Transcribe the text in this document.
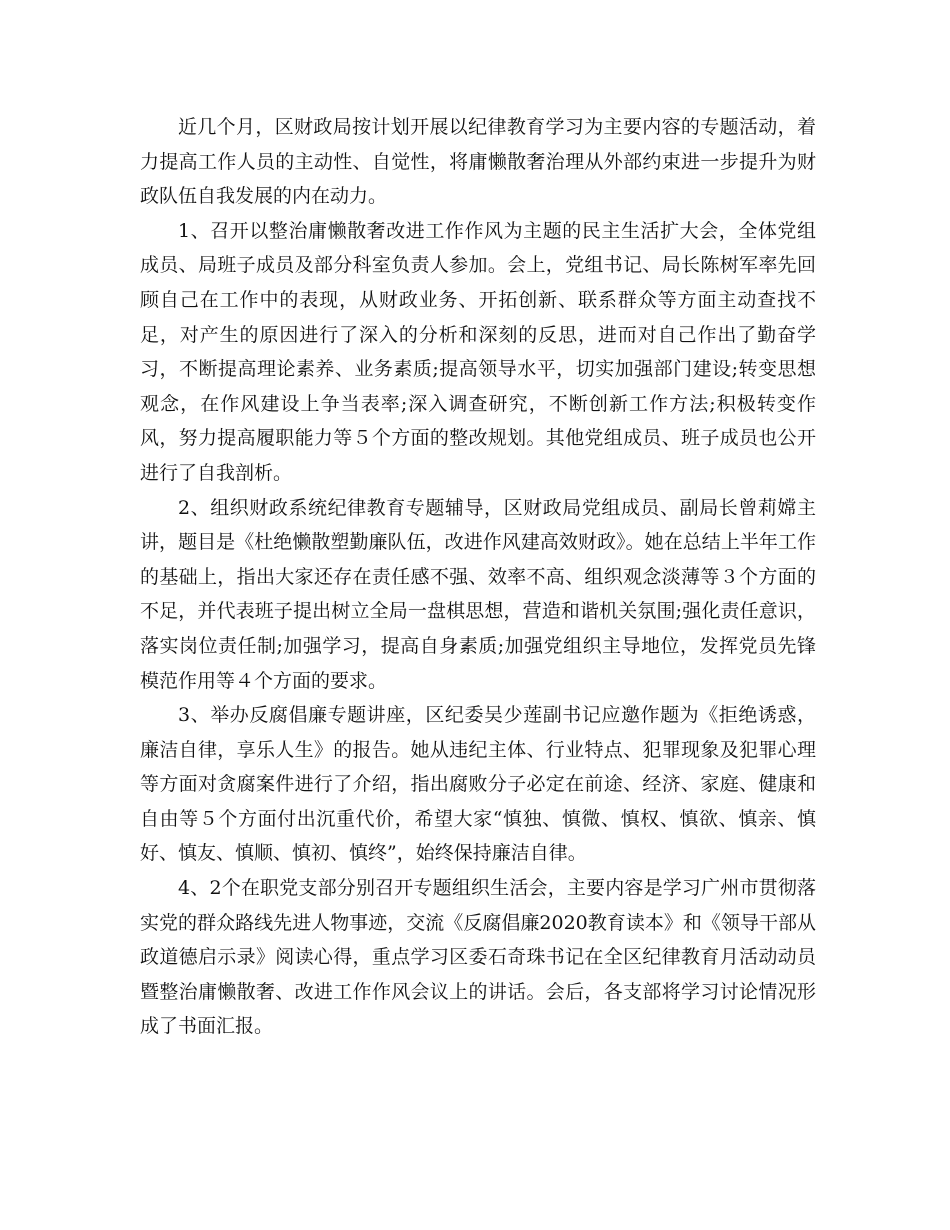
近几个月，区财政局按计划开展以纪律教育学习为主要内容的专题活动，着力提高工作人员的主动性、自觉性，将庸懒散奢治理从外部约束进一步提升为财政队伍自我发展的内在动力。

1、召开以整治庸懒散奢改进工作作风为主题的民主生活扩大会，全体党组成员、局班子成员及部分科室负责人参加。会上，党组书记、局长陈树军率先回顾自己在工作中的表现，从财政业务、开拓创新、联系群众等方面主动查找不足，对产生的原因进行了深入的分析和深刻的反思，进而对自己作出了勤奋学习，不断提高理论素养、业务素质;提高领导水平，切实加强部门建设;转变思想观念，在作风建设上争当表率;深入调查研究，不断创新工作方法;积极转变作风，努力提高履职能力等５个方面的整改规划。其他党组成员、班子成员也公开进行了自我剖析。

2、组织财政系统纪律教育专题辅导，区财政局党组成员、副局长曾莉嫦主讲，题目是《杜绝懒散塑勤廉队伍，改进作风建高效财政》。她在总结上半年工作的基础上，指出大家还存在责任感不强、效率不高、组织观念淡薄等３个方面的不足，并代表班子提出树立全局一盘棋思想，营造和谐机关氛围;强化责任意识，落实岗位责任制;加强学习，提高自身素质;加强党组织主导地位，发挥党员先锋模范作用等４个方面的要求。

3、举办反腐倡廉专题讲座，区纪委吴少莲副书记应邀作题为《拒绝诱惑，廉洁自律，享乐人生》的报告。她从违纪主体、行业特点、犯罪现象及犯罪心理等方面对贪腐案件进行了介绍，指出腐败分子必定在前途、经济、家庭、健康和自由等５个方面付出沉重代价，希望大家“慎独、慎微、慎权、慎欲、慎亲、慎好、慎友、慎顺、慎初、慎终”，始终保持廉洁自律。

4、2个在职党支部分别召开专题组织生活会，主要内容是学习广州市贯彻落实党的群众路线先进人物事迹，交流《反腐倡廉2020教育读本》和《领导干部从政道德启示录》阅读心得，重点学习区委石奇珠书记在全区纪律教育月活动动员暨整治庸懒散奢、改进工作作风会议上的讲话。会后，各支部将学习讨论情况形成了书面汇报。
